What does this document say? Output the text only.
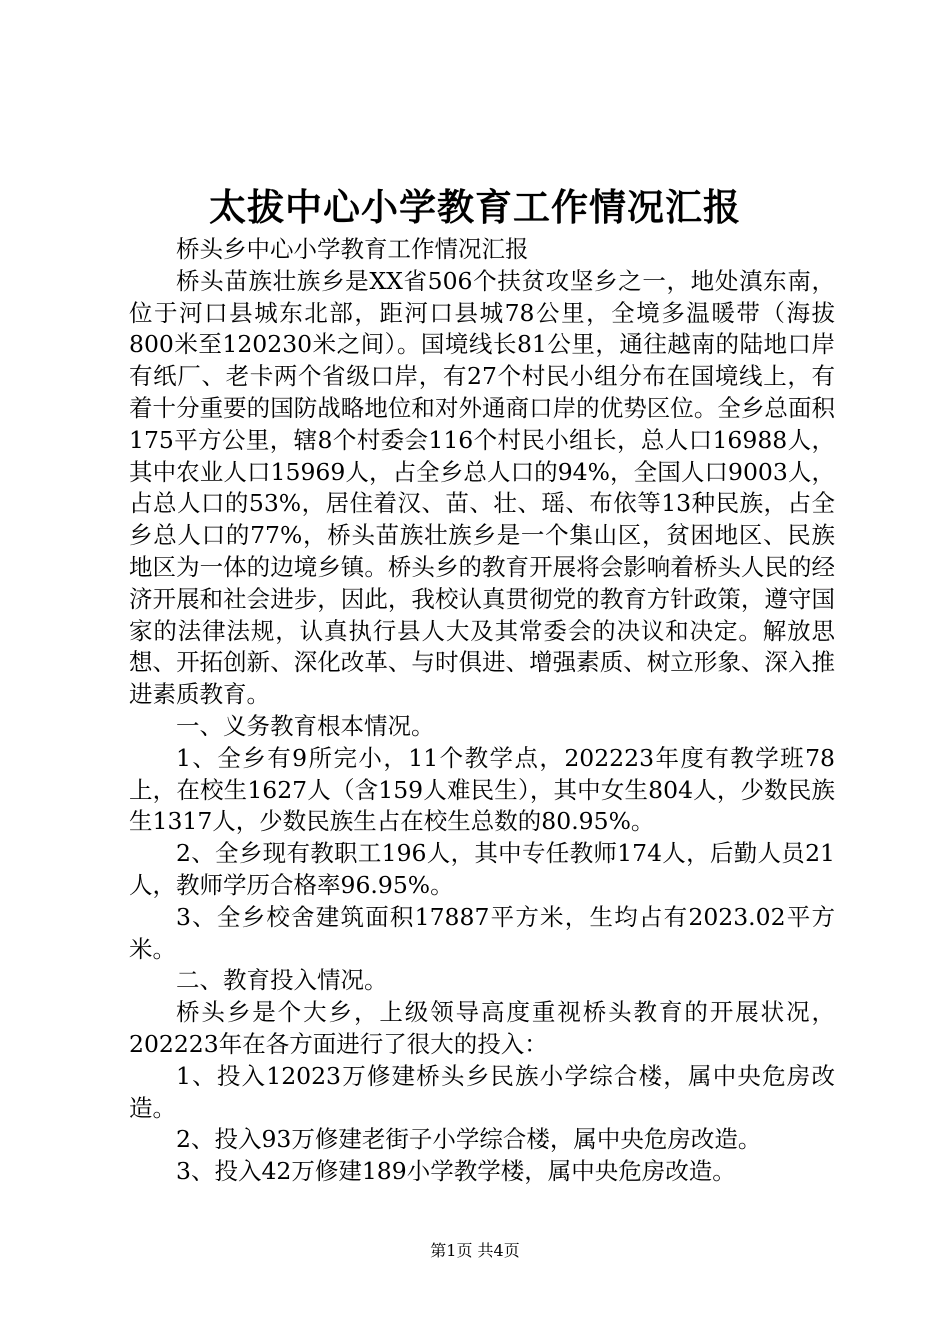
太拔中心小学教育工作情况汇报

桥头乡中心小学教育工作情况汇报

桥头苗族壮族乡是XX省506个扶贫攻坚乡之一，地处滇东南，位于河口县城东北部，距河口县城78公里，全境多温暖带（海拔800米至120230米之间）。国境线长81公里，通往越南的陆地口岸有纸厂、老卡两个省级口岸，有27个村民小组分布在国境线上，有着十分重要的国防战略地位和对外通商口岸的优势区位。全乡总面积175平方公里，辖8个村委会116个村民小组长，总人口16988人，其中农业人口15969人，占全乡总人口的94%，全国人口9003人，占总人口的53%，居住着汉、苗、壮、瑶、布依等13种民族，占全乡总人口的77%，桥头苗族壮族乡是一个集山区，贫困地区、民族地区为一体的边境乡镇。桥头乡的教育开展将会影响着桥头人民的经济开展和社会进步，因此，我校认真贯彻党的教育方针政策，遵守国家的法律法规，认真执行县人大及其常委会的决议和决定。解放思想、开拓创新、深化改革、与时俱进、增强素质、树立形象、深入推进素质教育。

一、义务教育根本情况。

1、全乡有9所完小，11个教学点，202223年度有教学班78上，在校生1627人（含159人难民生），其中女生804人，少数民族生1317人，少数民族生占在校生总数的80.95%。

2、全乡现有教职工196人，其中专任教师174人，后勤人员21人，教师学历合格率96.95%。

3、全乡校舍建筑面积17887平方米，生均占有2023.02平方米。

二、教育投入情况。

桥头乡是个大乡，上级领导高度重视桥头教育的开展状况，202223年在各方面进行了很大的投入：

1、投入12023万修建桥头乡民族小学综合楼，属中央危房改造。

2、投入93万修建老街子小学综合楼，属中央危房改造。

3、投入42万修建189小学教学楼，属中央危房改造。

第1页 共4页
